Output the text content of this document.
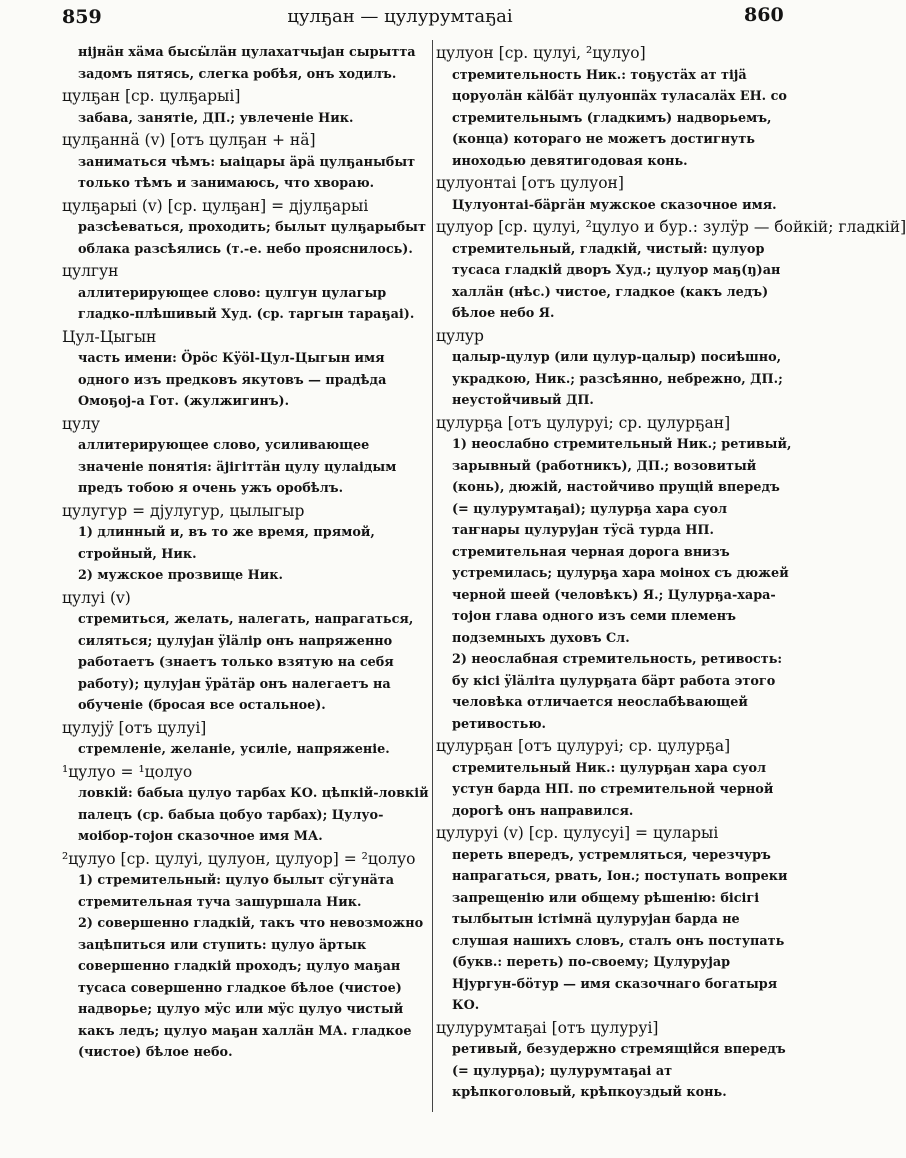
859	цулҕан — цулурумтаҕаі	860
ніјнäн хäма бысӹлäн цулахатчыјан сырытта задомъ пятясь, слегка робѣя, онъ ходилъ.
цулҕан [ср. цулҕарыі]
забава, занятіе, ДП.; увлеченіе Ник.
цулҕаннä (v) [отъ цулҕан + нä]
заниматься чѣмъ: ыаіцары äрä цулҕаныбыт только тѣмъ и занимаюсь, что хвораю.
цулҕарыі (v) [ср. цулҕан] = дјулҕарыі
разсѣеваться, проходить; былыт цулҕарыбыт облака разсѣялись (т.-е. небо прояснилось).
цулгун
аллитерирующее слово: цулгун цулагыр гладко-плѣшивый Худ. (ср. таргын тараҕаі).
Цул-Цыгын
часть имени: Öрöс Кÿöl-Цул-Цыгын имя одного изъ предковъ якутовъ — прадѣда Омоҕој-а Гот. (жулжигинъ).
цулу
аллитерирующее слово, усиливающее значеніе понятія: äјігіттäн цулу цулаідым предъ тобою я очень ужъ оробѣлъ.
цулугур = дјулугур, цылыгыр
1) длинный и, въ то же время, прямой, стройный, Ник.
2) мужское прозвище Ник.
цулуі (v)
стремиться, желать, налегать, напрагаться, силяться; цулујан ÿläлір онъ напряженно работаетъ (знаетъ только взятую на себя работу); цулујан ÿрäтäр онъ налегаетъ на обученіе (бросая все остальное).
цулујÿ [отъ цулуі]
стремленіе, желаніе, усиліе, напряженіе.
¹цулуо = ¹цолуо
ловкій: бабыа цулуо тарбах КО. цѣпкій-ловкій палецъ (ср. бабыа цобуо тарбах); Цулуо-моібор-тојон сказочное имя МА.
²цулуо [ср. цулуі, цулуон, цулуор] = ²цолуо
1) стремительный: цулуо былыт сÿгунäта стремительная туча зашуршала Ник.
2) совершенно гладкій, такъ что невозможно зацѣпиться или ступить: цулуо äртык совершенно гладкій проходъ; цулуо маҕан тусаса совершенно гладкое бѣлое (чистое) надворье; цулуо мÿс или мÿс цулуо чистый какъ ледъ; цулуо маҕан халлäн МА. гладкое (чистое) бѣлое небо.
цулуон [ср. цулуі, ²цулуо]
стремительность Ник.: тоҕустäх ат тіјä цоруолäн кälбäт цулуонпäх туласалäх ЕН. со стремительнымъ (гладкимъ) надворьемъ, (конца) котораго не можетъ достигнуть иноходью девятигодовая конь.
цулуонтаі [отъ цулуон]
Цулуонтаі-бäргäн мужское сказочное имя.
цулуор [ср. цулуі, ²цулуо и бур.: зулÿр — бойкій; гладкій]
стремительный, гладкій, чистый: цулуор тусаса гладкій дворъ Худ.; цулуор маҕ(ŋ)ан халлäн (нѣс.) чистое, гладкое (какъ ледъ) бѣлое небо Я.
цулур
цалыр-цулур (или цулур-цалыр) посиѣшно, украдкою, Ник.; разсѣянно, небрежно, ДП.; неустойчивый ДП.
цулурҕа [отъ цулуруі; ср. цулурҕан]
1) неослабно стремительный Ник.; ретивый, зарывный (работникъ), ДП.; возовитый (конь), дюжій, настойчиво прущій впередъ (= цулурумтаҕаі); цулурҕа хара суол таҥнары цулурујан тÿсä турда НП. стремительная черная дорога внизъ устремилась; цулурҕа хара моінох съ дюжей черной шеей (человѣкъ) Я.; Цулурҕа-хара-тојон глава одного изъ семи племенъ подземныхъ духовъ Сл.
2) неослабная стремительность, ретивость: бу кісі ÿläліта цулурҕата бäрт работа этого человѣка отличается неослабѣвающей ретивостью.
цулурҕан [отъ цулуруі; ср. цулурҕа]
стремительный Ник.: цулурҕан хара суол устун барда НП. по стремительной черной дорогѣ онъ направился.
цулуруі (v) [ср. цулусуі] = цуларыі
переть впередъ, устремляться, черезчуръ напрагаться, рвать, Іон.; поступать вопреки запрещенію или общему рѣшенію: бісігі тылбытын істімнä цулурујан барда не слушая нашихъ словъ, сталъ онъ поступать (букв.: переть) по-своему; Цулурујар Нјургун-бöтур — имя сказочнаго богатыря КО.
цулурумтаҕаі [отъ цулуруі]
ретивый, безудержно стремящійся впередъ (= цулурҕа); цулурумтаҕаі ат крѣпкоголовый, крѣпкоуздый конь.
